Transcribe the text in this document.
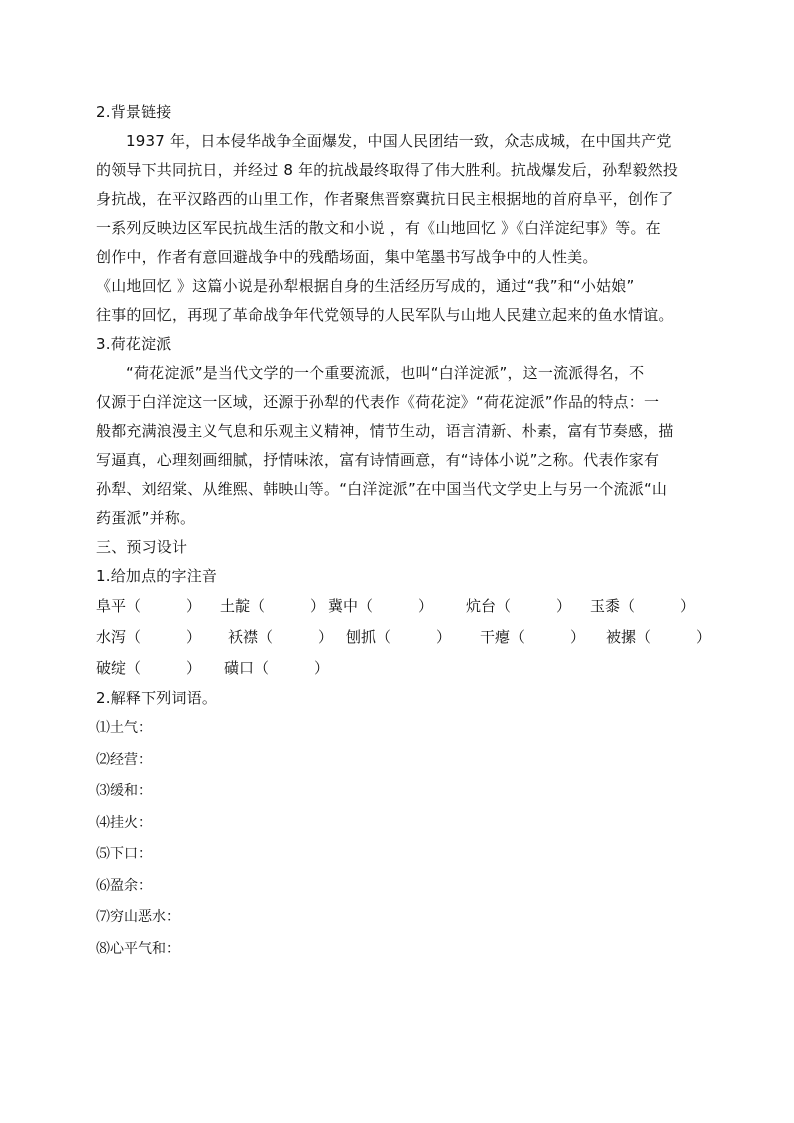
2.背景链接
1937 年，日本侵华战争全面爆发，中国人民团结一致，众志成城，在中国共产党
的领导下共同抗日，并经过 8 年的抗战最终取得了伟大胜利。抗战爆发后，孙犁毅然投
身抗战，在平汉路西的山里工作，作者聚焦晋察冀抗日民主根据地的首府阜平，创作了
一系列反映边区军民抗战生活的散文和小说 ，有《山地回忆 》《白洋淀纪事》等。在
创作中，作者有意回避战争中的残酷场面，集中笔墨书写战争中的人性美。
《山地回忆 》这篇小说是孙犁根据自身的生活经历写成的，通过“我”和“小姑娘”
往事的回忆，再现了革命战争年代党领导的人民军队与山地人民建立起来的鱼水情谊。
3.荷花淀派
“荷花淀派”是当代文学的一个重要流派，也叫“白洋淀派”，这一流派得名，不
仅源于白洋淀这一区域，还源于孙犁的代表作《荷花淀》“荷花淀派”作品的特点：一
般都充满浪漫主义气息和乐观主义精神，情节生动，语言清新、朴素，富有节奏感，描
写逼真，心理刻画细腻，抒情味浓，富有诗情画意，有“诗体小说”之称。代表作家有
孙犁、刘绍棠、从维熙、韩映山等。“白洋淀派”在中国当代文学史上与另一个流派“山
药蛋派”并称。
三、预习设计
1.给加点的字注音
阜平（　　　） 土靛（　　　） 冀中（　　　） 炕台（　　　） 玉黍（　　　）
水泻（　　　） 袄襟（　　　） 刨抓（　　　） 干瘪（　　　） 被摞（　　　）
破绽（　　　） 磺口（　　　）
2.解释下列词语。
⑴土气：
⑵经营：
⑶缓和：
⑷挂火：
⑸下口：
⑹盈余：
⑺穷山恶水：
⑻心平气和：
